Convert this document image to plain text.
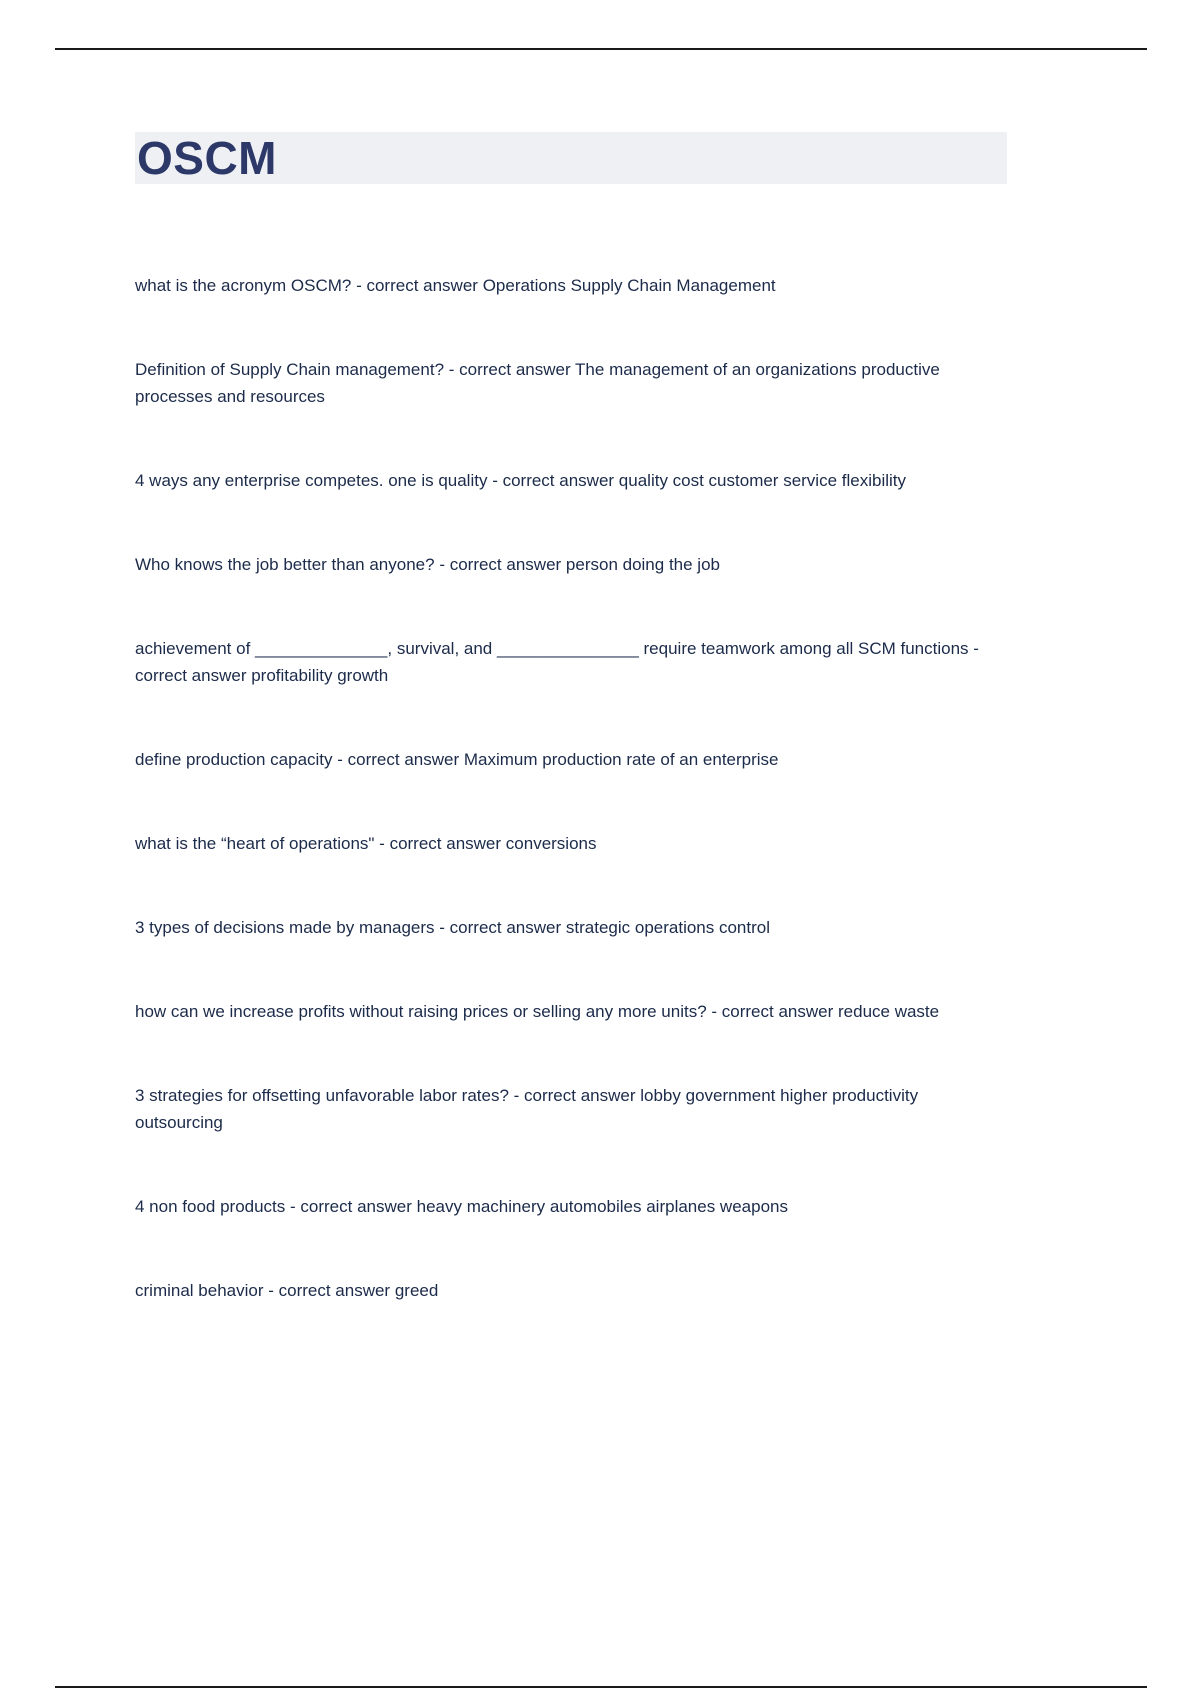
OSCM

what is the acronym OSCM? - correct answer Operations Supply Chain Management

Definition of Supply Chain management? - correct answer The management of an organizations productive processes and resources

4 ways any enterprise competes. one is quality - correct answer quality cost customer service flexibility

Who knows the job better than anyone? - correct answer person doing the job

achievement of ______________, survival, and _______________ require teamwork among all SCM functions - correct answer profitability growth

define production capacity - correct answer Maximum production rate of an enterprise

what is the “heart of operations" - correct answer conversions

3 types of decisions made by managers - correct answer strategic operations control

how can we increase profits without raising prices or selling any more units? - correct answer reduce waste

3 strategies for offsetting unfavorable labor rates? - correct answer lobby government higher productivity outsourcing

4 non food products - correct answer heavy machinery automobiles airplanes weapons

criminal behavior - correct answer greed
